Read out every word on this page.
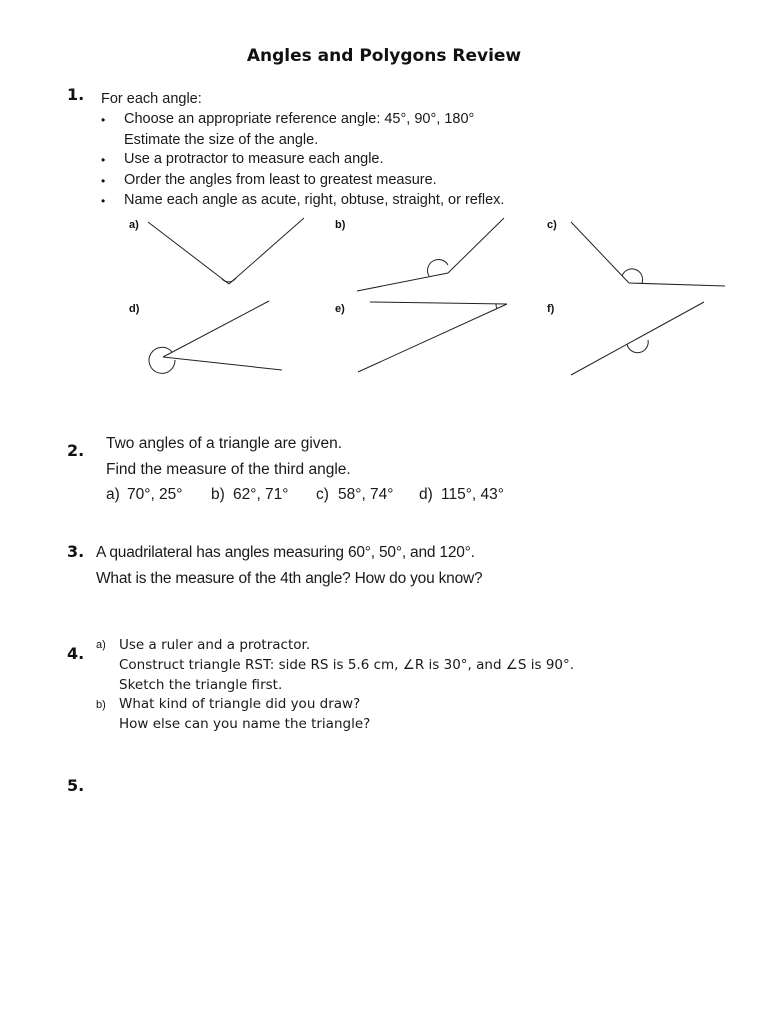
Angles and Polygons Review
1. For each angle:
• Choose an appropriate reference angle: 45°, 90°, 180°
Estimate the size of the angle.
• Use a protractor to measure each angle.
• Order the angles from least to greatest measure.
• Name each angle as acute, right, obtuse, straight, or reflex.
a)	b)	c)
d)	e)	f)
2. Two angles of a triangle are given.
Find the measure of the third angle.
a) 70°, 25° b) 62°, 71° c) 58°, 74° d) 115°, 43°
3. A quadrilateral has angles measuring 60°, 50°, and 120°.
What is the measure of the 4th angle? How do you know?
4. a) Use a ruler and a protractor.
Construct triangle RST: side RS is 5.6 cm, ∠R is 30°, and ∠S is 90°.
Sketch the triangle first.
b) What kind of triangle did you draw?
How else can you name the triangle?
5.
